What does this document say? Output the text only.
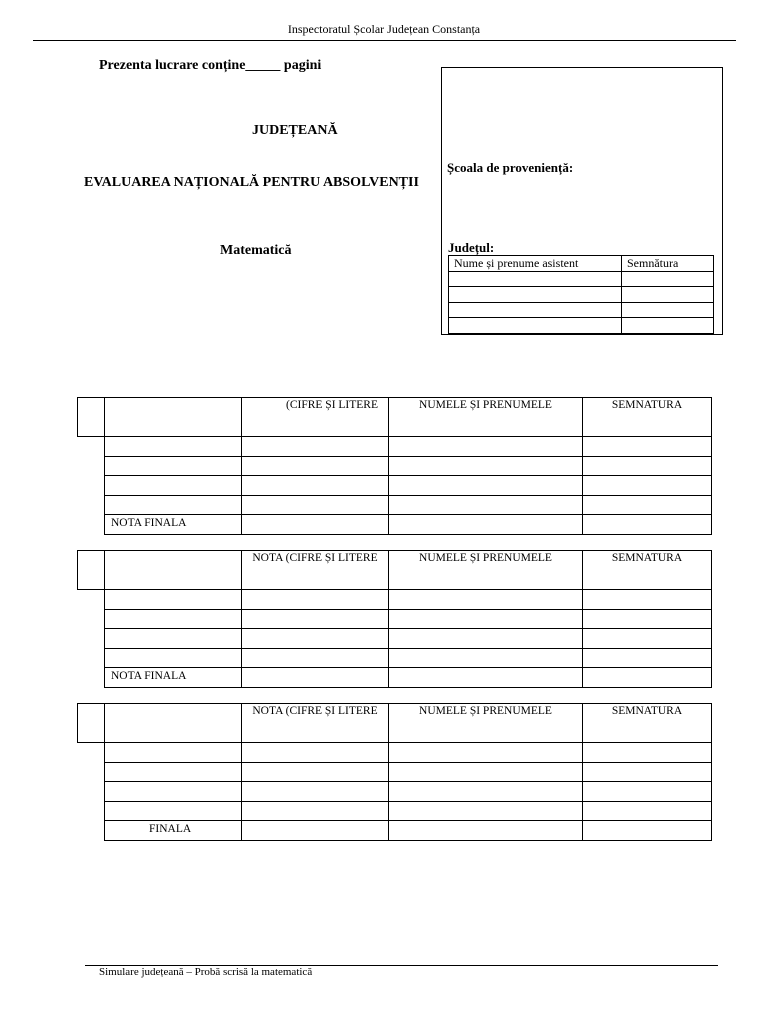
Inspectoratul Școlar Județean Constanța
Prezenta lucrare conține_____ pagini
JUDEȚEANĂ
EVALUAREA NAȚIONALĂ PENTRU ABSOLVENȚII
Matematică
Școala de proveniență:
Județul:
Nume și prenume asistent	Semnătura

	(CIFRE ȘI LITERE	NUMELE ȘI PRENUMELE	SEMNATURA

NOTA FINALA			

	NOTA (CIFRE ȘI LITERE	NUMELE ȘI PRENUMELE	SEMNATURA

NOTA FINALA			

	NOTA (CIFRE ȘI LITERE	NUMELE ȘI PRENUMELE	SEMNATURA

FINALA			

Simulare județeană – Probă scrisă la matematică
